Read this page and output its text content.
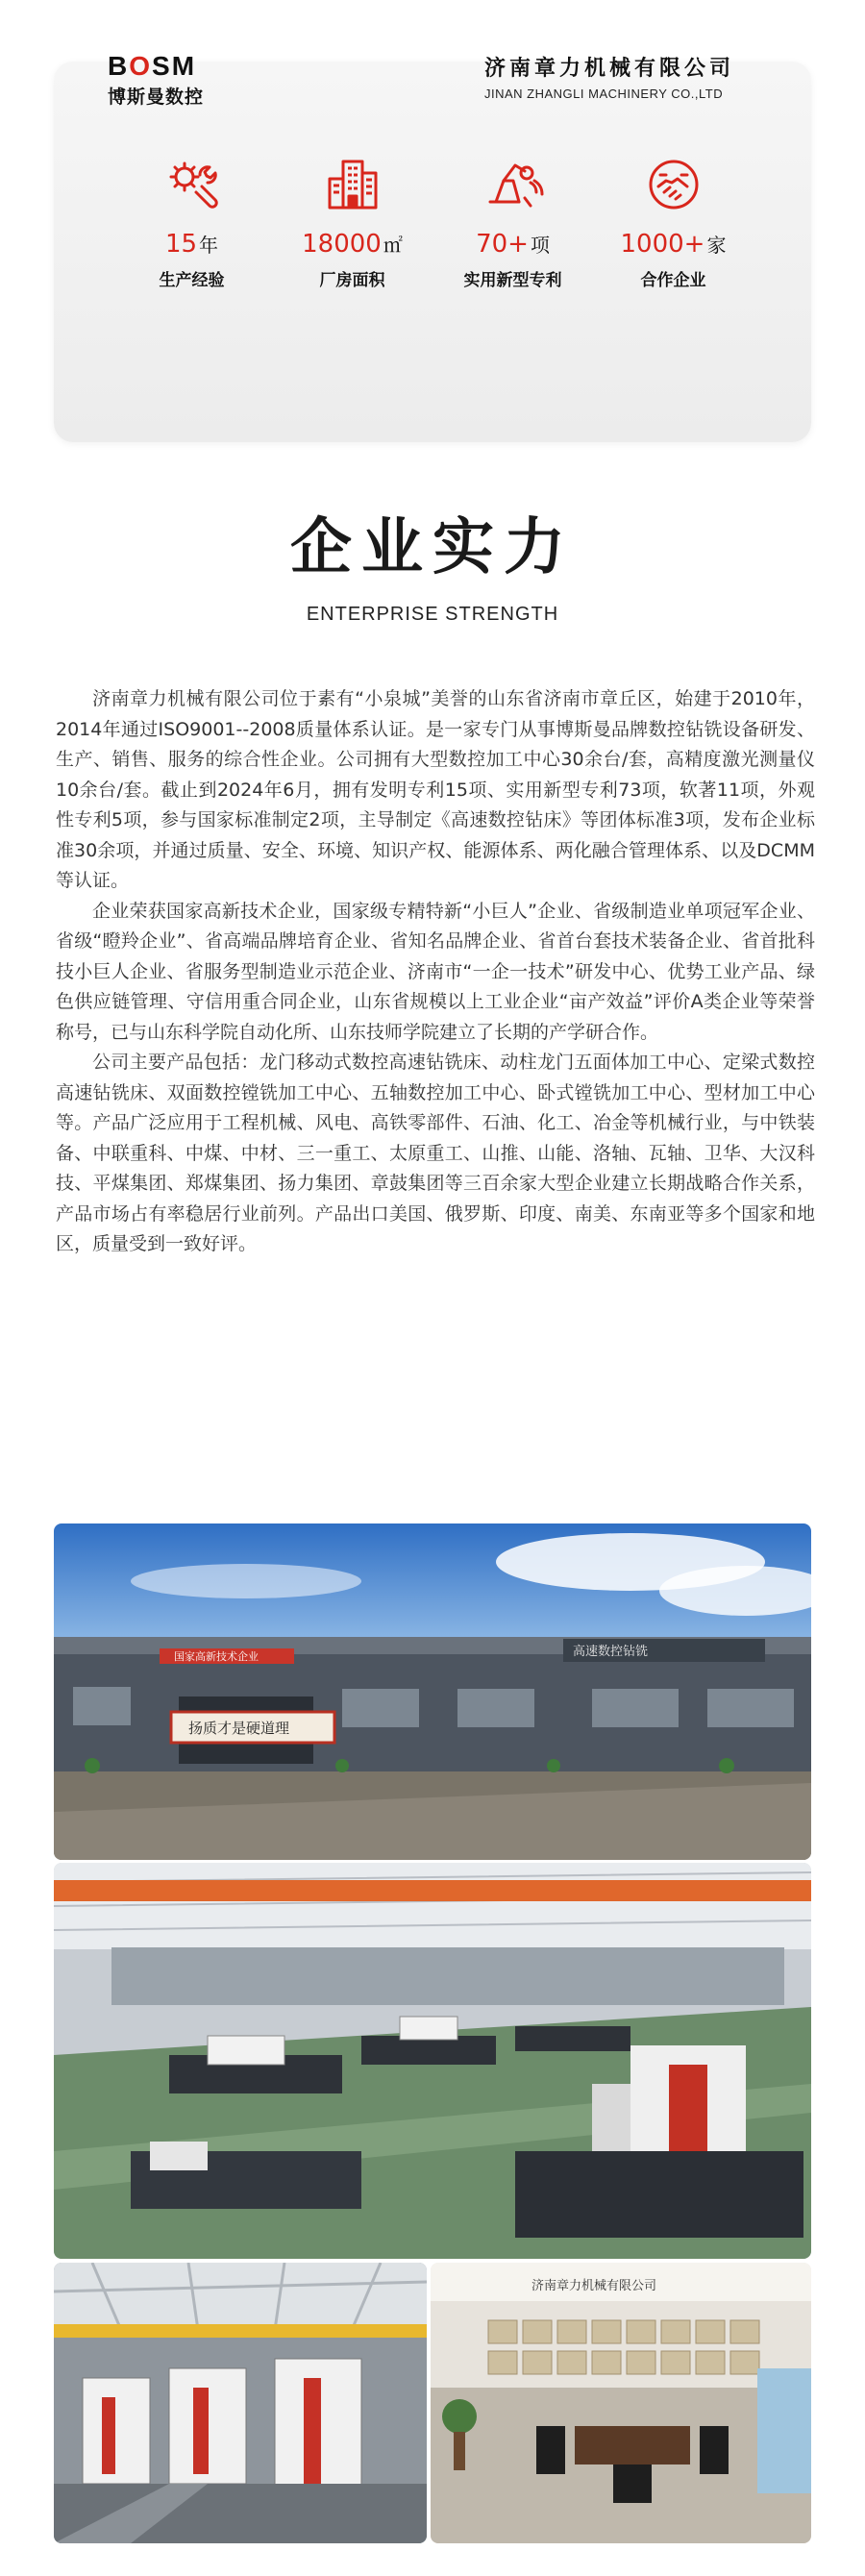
BOSM
博斯曼数控
济南章力机械有限公司
JINAN ZHANGLI MACHINERY CO.,LTD
15 年
生产经验
18000 ㎡
厂房面积
70+ 项
实用新型专利
1000+ 家
合作企业
企业实力
ENTERPRISE STRENGTH

济南章力机械有限公司位于素有“小泉城”美誉的山东省济南市章丘区，始建于2010年，2014年通过ISO9001--2008质量体系认证。是一家专门从事博斯曼品牌数控钻铣设备研发、生产、销售、服务的综合性企业。公司拥有大型数控加工中心30余台/套，高精度激光测量仪10余台/套。截止到2024年6月，拥有发明专利15项、实用新型专利73项，软著11项，外观性专利5项，参与国家标准制定2项，主导制定《高速数控钻床》等团体标准3项，发布企业标准30余项，并通过质量、安全、环境、知识产权、能源体系、两化融合管理体系、以及DCMM等认证。

企业荣获国家高新技术企业，国家级专精特新“小巨人”企业、省级制造业单项冠军企业、省级“瞪羚企业”、省高端品牌培育企业、省知名品牌企业、省首台套技术装备企业、省首批科技小巨人企业、省服务型制造业示范企业、济南市“一企一技术”研发中心、优势工业产品、绿色供应链管理、守信用重合同企业，山东省规模以上工业企业“亩产效益”评价A类企业等荣誉称号，已与山东科学院自动化所、山东技师学院建立了长期的产学研合作。

公司主要产品包括：龙门移动式数控高速钻铣床、动柱龙门五面体加工中心、定梁式数控高速钻铣床、双面数控镗铣加工中心、五轴数控加工中心、卧式镗铣加工中心、型材加工中心等。产品广泛应用于工程机械、风电、高铁零部件、石油、化工、冶金等机械行业，与中铁装备、中联重科、中煤、中材、三一重工、太原重工、山推、山能、洛轴、瓦轴、卫华、大汉科技、平煤集团、郑煤集团、扬力集团、章鼓集团等三百余家大型企业建立长期战略合作关系，产品市场占有率稳居行业前列。产品出口美国、俄罗斯、印度、南美、东南亚等多个国家和地区，质量受到一致好评。

国家高新技术企业	高速数控钻铣
扬质才是硬道理
济南章力机械有限公司
